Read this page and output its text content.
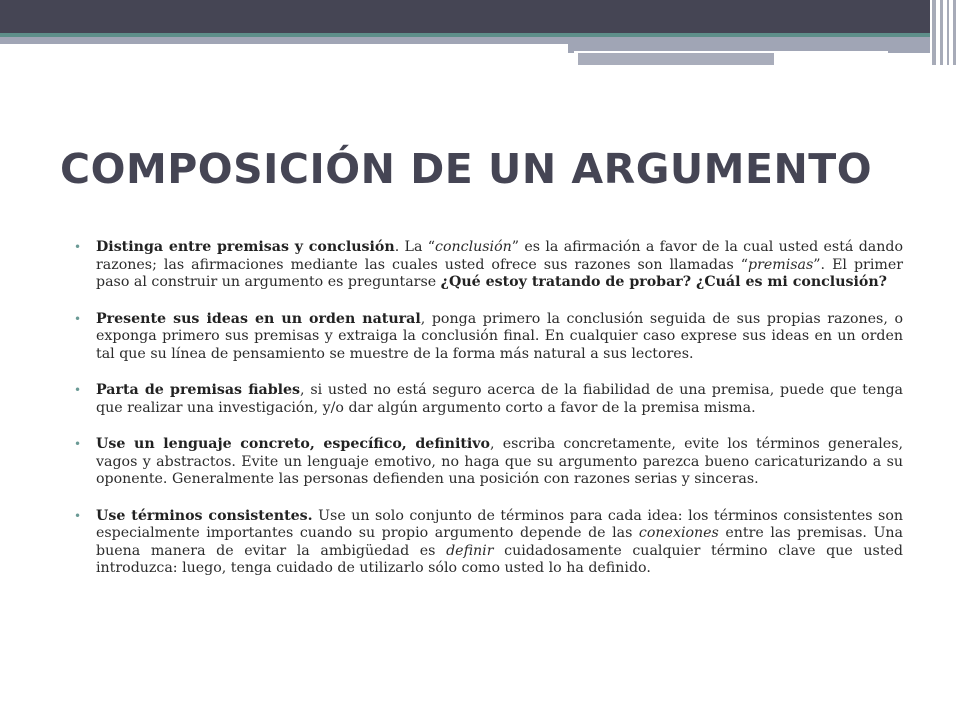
COMPOSICIÓN DE UN ARGUMENTO
• Distinga entre premisas y conclusión. La “conclusión” es la afirmación a favor de la cual usted está dando razones; las afirmaciones mediante las cuales usted ofrece sus razones son llamadas “premisas”. El primer paso al construir un argumento es preguntarse ¿Qué estoy tratando de probar? ¿Cuál es mi conclusión?
• Presente sus ideas en un orden natural, ponga primero la conclusión seguida de sus propias razones, o exponga primero sus premisas y extraiga la conclusión final. En cualquier caso exprese sus ideas en un orden tal que su línea de pensamiento se muestre de la forma más natural a sus lectores.
• Parta de premisas fiables, si usted no está seguro acerca de la fiabilidad de una premisa, puede que tenga que realizar una investigación, y/o dar algún argumento corto a favor de la premisa misma.
• Use un lenguaje concreto, específico, definitivo, escriba concretamente, evite los términos generales, vagos y abstractos. Evite un lenguaje emotivo, no haga que su argumento parezca bueno caricaturizando a su oponente. Generalmente las personas defienden una posición con razones serias y sinceras.
• Use términos consistentes. Use un solo conjunto de términos para cada idea: los términos consistentes son especialmente importantes cuando su propio argumento depende de las conexiones entre las premisas. Una buena manera de evitar la ambigüedad es definir cuidadosamente cualquier término clave que usted introduzca: luego, tenga cuidado de utilizarlo sólo como usted lo ha definido.
